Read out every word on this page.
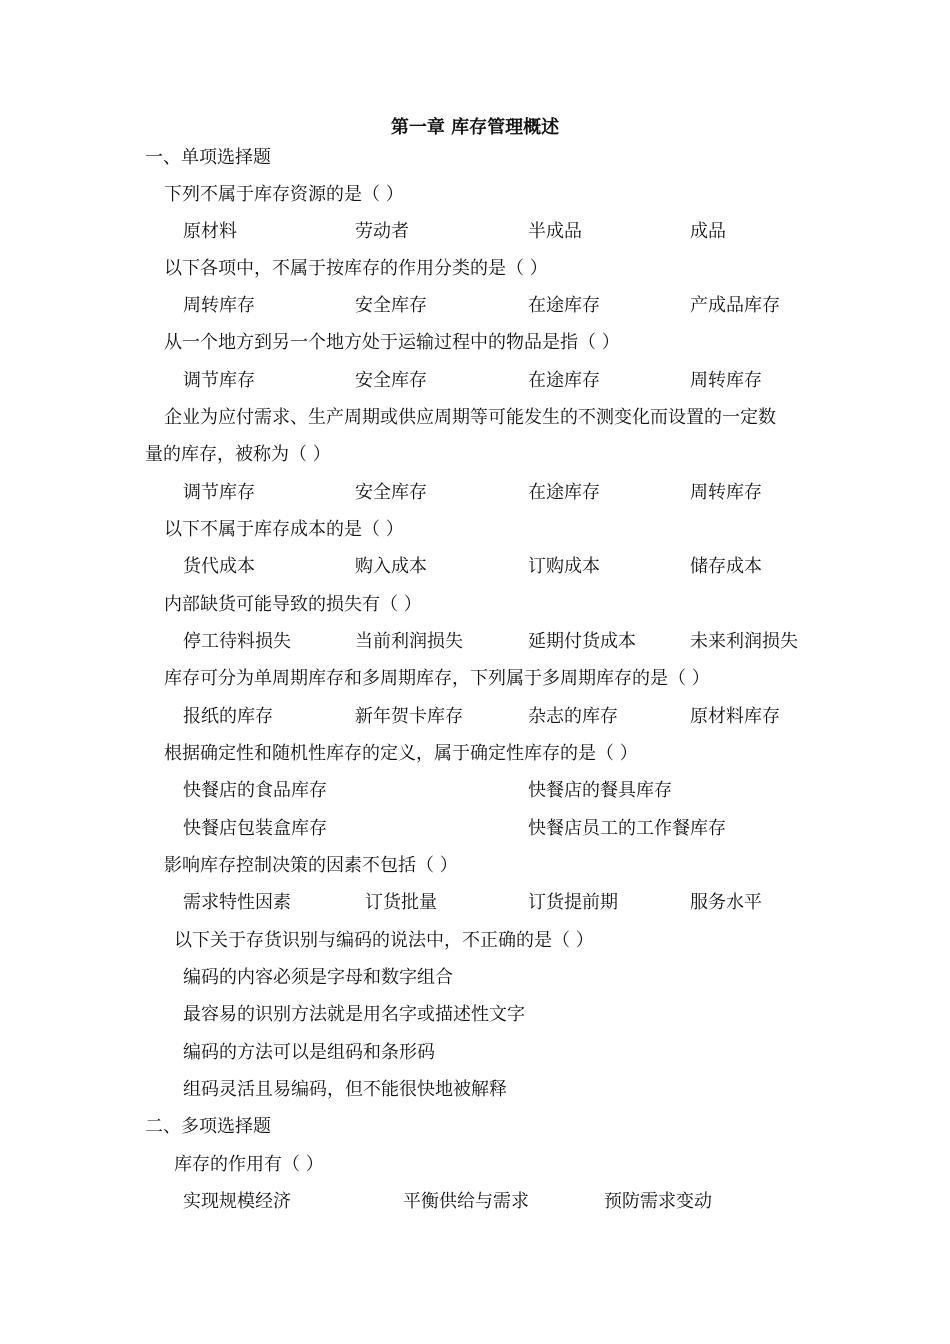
第一章 库存管理概述
一、单项选择题
下列不属于库存资源的是（ ）
原材料	劳动者	半成品	成品
以下各项中，不属于按库存的作用分类的是（ ）
周转库存	安全库存	在途库存	产成品库存
从一个地方到另一个地方处于运输过程中的物品是指（ ）
调节库存	安全库存	在途库存	周转库存
企业为应付需求、生产周期或供应周期等可能发生的不测变化而设置的一定数
量的库存，被称为（ ）
调节库存	安全库存	在途库存	周转库存
以下不属于库存成本的是（ ）
货代成本	购入成本	订购成本	储存成本
内部缺货可能导致的损失有（ ）
停工待料损失	当前利润损失	延期付货成本	未来利润损失
库存可分为单周期库存和多周期库存，下列属于多周期库存的是（ ）
报纸的库存	新年贺卡库存	杂志的库存	原材料库存
根据确定性和随机性库存的定义，属于确定性库存的是（ ）
快餐店的食品库存	快餐店的餐具库存
快餐店包装盒库存	快餐店员工的工作餐库存
影响库存控制决策的因素不包括（ ）
需求特性因素	订货批量	订货提前期	服务水平
以下关于存货识别与编码的说法中，不正确的是（ ）
编码的内容必须是字母和数字组合
最容易的识别方法就是用名字或描述性文字
编码的方法可以是组码和条形码
组码灵活且易编码，但不能很快地被解释
二、多项选择题
库存的作用有（ ）
实现规模经济	平衡供给与需求	预防需求变动
